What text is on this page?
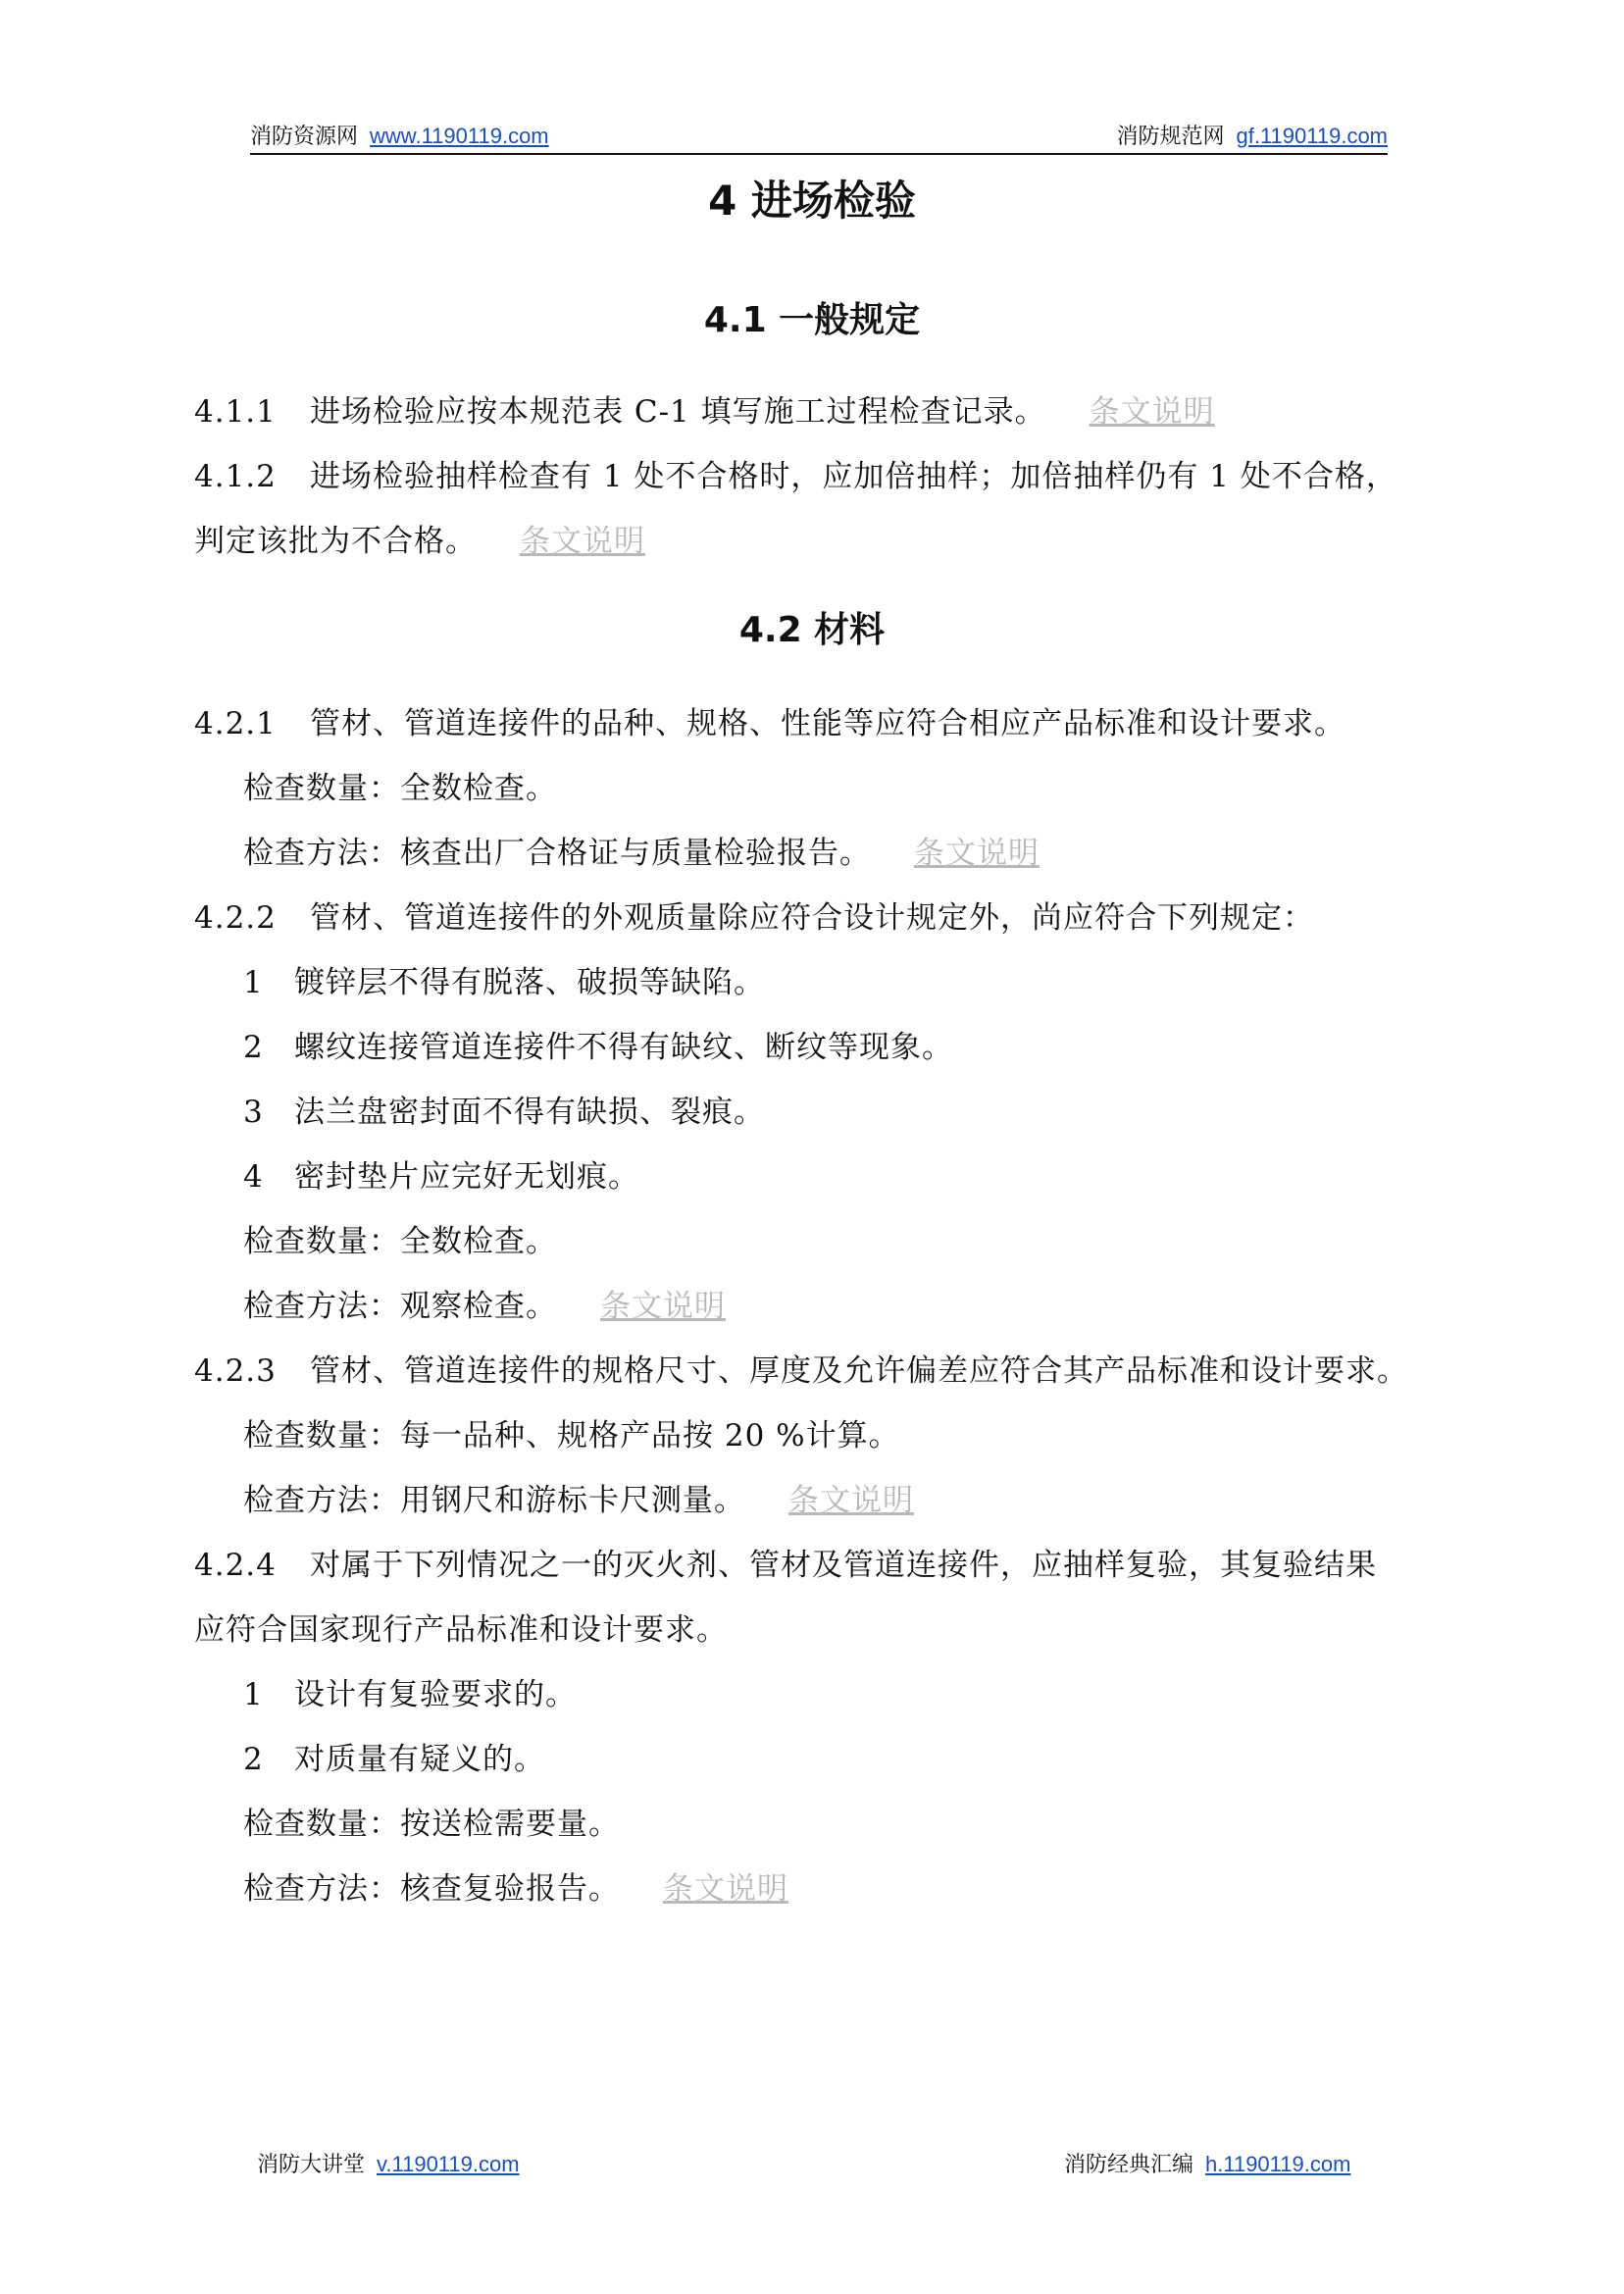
消防资源网 www.1190119.com	消防规范网 gf.1190119.com
4 进场检验
4.1 一般规定
4.1.1 进场检验应按本规范表 C-1 填写施工过程检查记录。 条文说明
4.1.2 进场检验抽样检查有 1 处不合格时，应加倍抽样；加倍抽样仍有 1 处不合格，
判定该批为不合格。 条文说明
4.2 材料
4.2.1 管材、管道连接件的品种、规格、性能等应符合相应产品标准和设计要求。
检查数量：全数检查。
检查方法：核查出厂合格证与质量检验报告。 条文说明
4.2.2 管材、管道连接件的外观质量除应符合设计规定外，尚应符合下列规定：
1 镀锌层不得有脱落、破损等缺陷。
2 螺纹连接管道连接件不得有缺纹、断纹等现象。
3 法兰盘密封面不得有缺损、裂痕。
4 密封垫片应完好无划痕。
检查数量：全数检查。
检查方法：观察检查。 条文说明
4.2.3 管材、管道连接件的规格尺寸、厚度及允许偏差应符合其产品标准和设计要求。
检查数量：每一品种、规格产品按 20 %计算。
检查方法：用钢尺和游标卡尺测量。 条文说明
4.2.4 对属于下列情况之一的灭火剂、管材及管道连接件，应抽样复验，其复验结果
应符合国家现行产品标准和设计要求。
1 设计有复验要求的。
2 对质量有疑义的。
检查数量：按送检需要量。
检查方法：核查复验报告。 条文说明
消防大讲堂 v.1190119.com	消防经典汇编 h.1190119.com
